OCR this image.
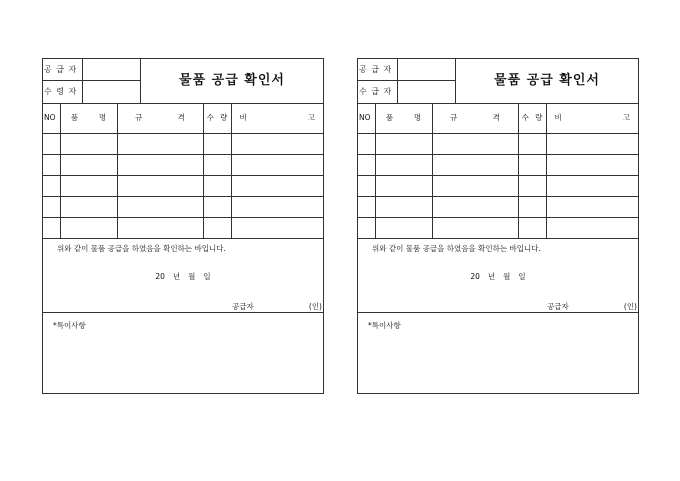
공 급 자
수 령 자
물품 공급 확인서
NO	품 명	규 격	수 량	비 고

위와 같이 물품 공급을 하였음을 확인하는 바입니다.
20 년 월 일
공급자	(인)
*특이사항
공 급 자
수 급 자
물품 공급 확인서
NO	품 명	규 격	수 량	비 고

위와 같이 물품 공급을 하였음을 확인하는 바입니다.
20 년 월 일
공급자	(인)
*특이사항
